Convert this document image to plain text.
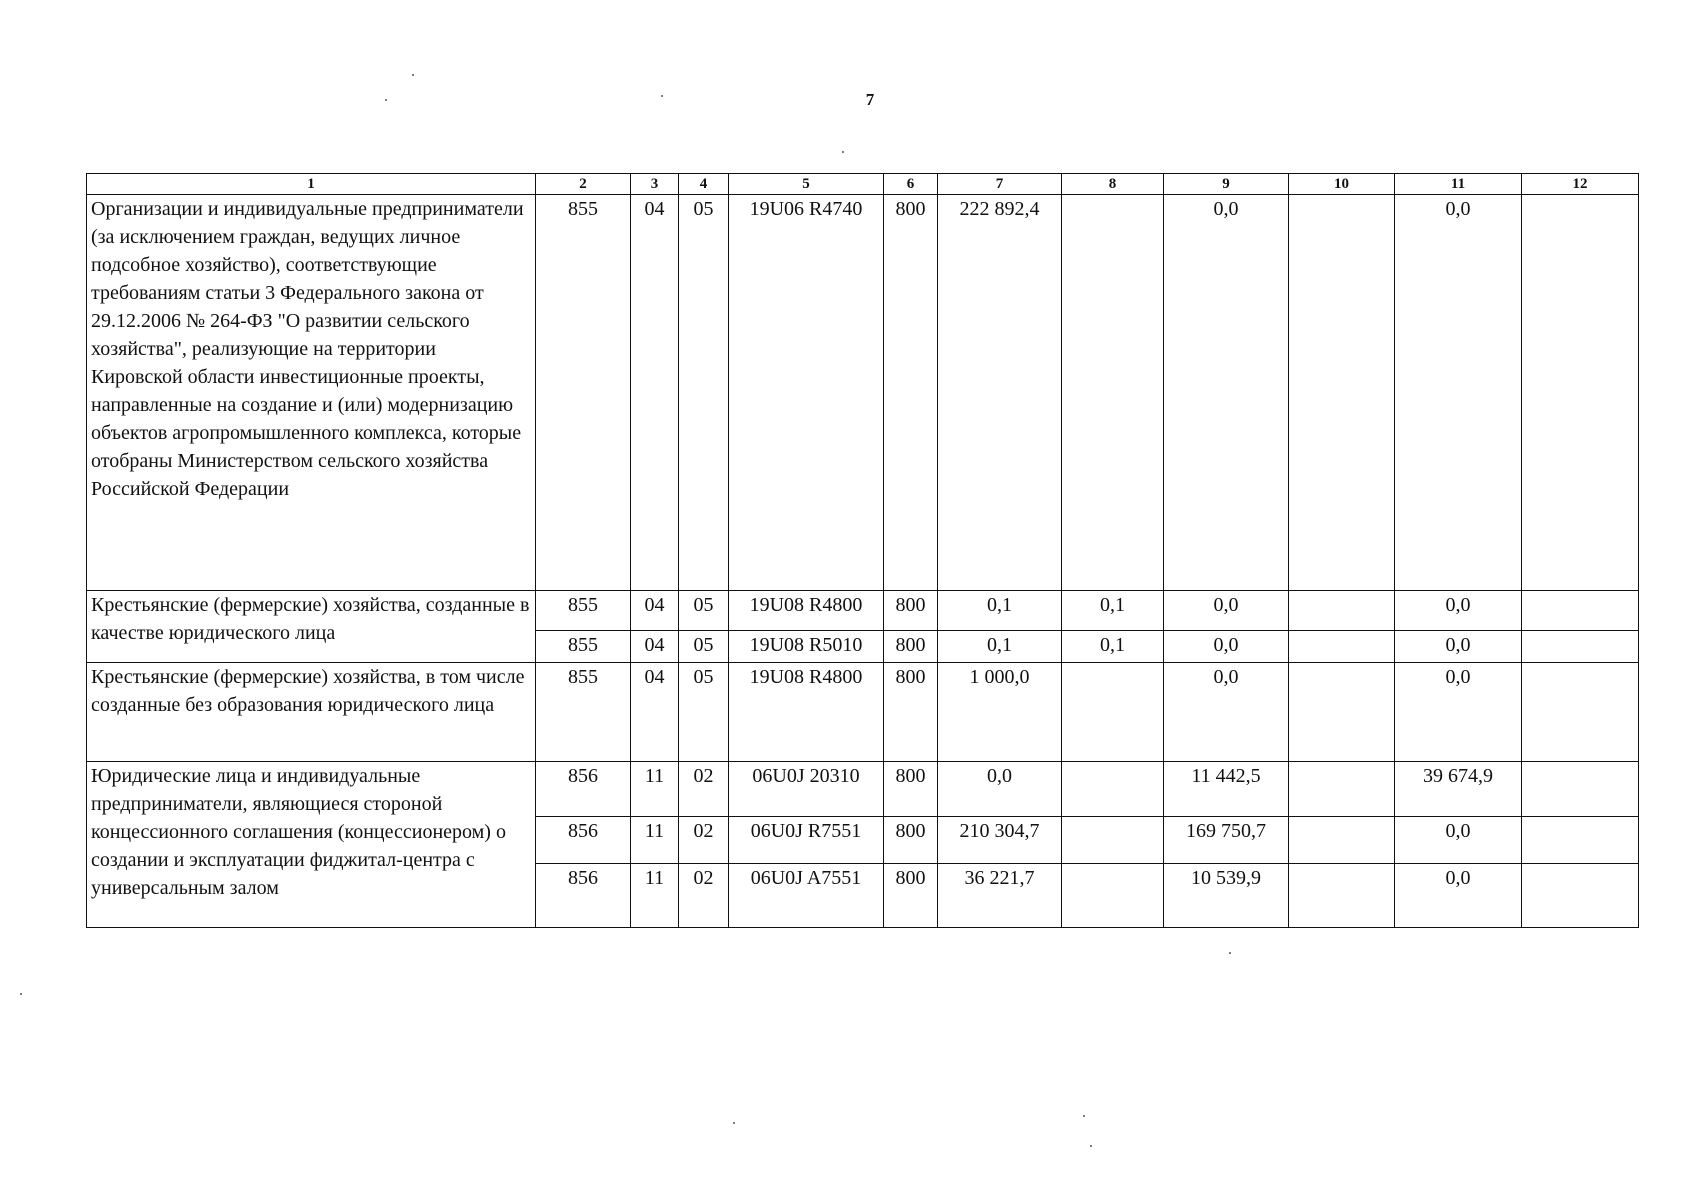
7
1	2	3	4	5	6	7	8	9	10	11	12
Организации и индивидуальные предприниматели (за исключением граждан, ведущих личное подсобное хозяйство), соответствующие требованиям статьи 3 Федерального закона от 29.12.2006 № 264-ФЗ "О развитии сельского хозяйства", реализующие на территории Кировской области инвестиционные проекты, направленные на создание и (или) модернизацию объектов агропромышленного комплекса, которые отобраны Министерством сельского хозяйства Российской Федерации	855	04	05	19U06 R4740	800	222 892,4		0,0		0,0	
Крестьянские (фермерские) хозяйства, созданные в качестве юридического лица	855	04	05	19U08 R4800	800	0,1	0,1	0,0		0,0	
	855	04	05	19U08 R5010	800	0,1	0,1	0,0		0,0	
Крестьянские (фермерские) хозяйства, в том числе созданные без образования юридического лица	855	04	05	19U08 R4800	800	1 000,0		0,0		0,0	
Юридические лица и индивидуальные предприниматели, являющиеся стороной концессионного соглашения (концессионером) о создании и эксплуатации фиджитал-центра с универсальным залом	856	11	02	06U0J 20310	800	0,0		11 442,5		39 674,9	
	856	11	02	06U0J R7551	800	210 304,7		169 750,7		0,0	
	856	11	02	06U0J A7551	800	36 221,7		10 539,9		0,0	
